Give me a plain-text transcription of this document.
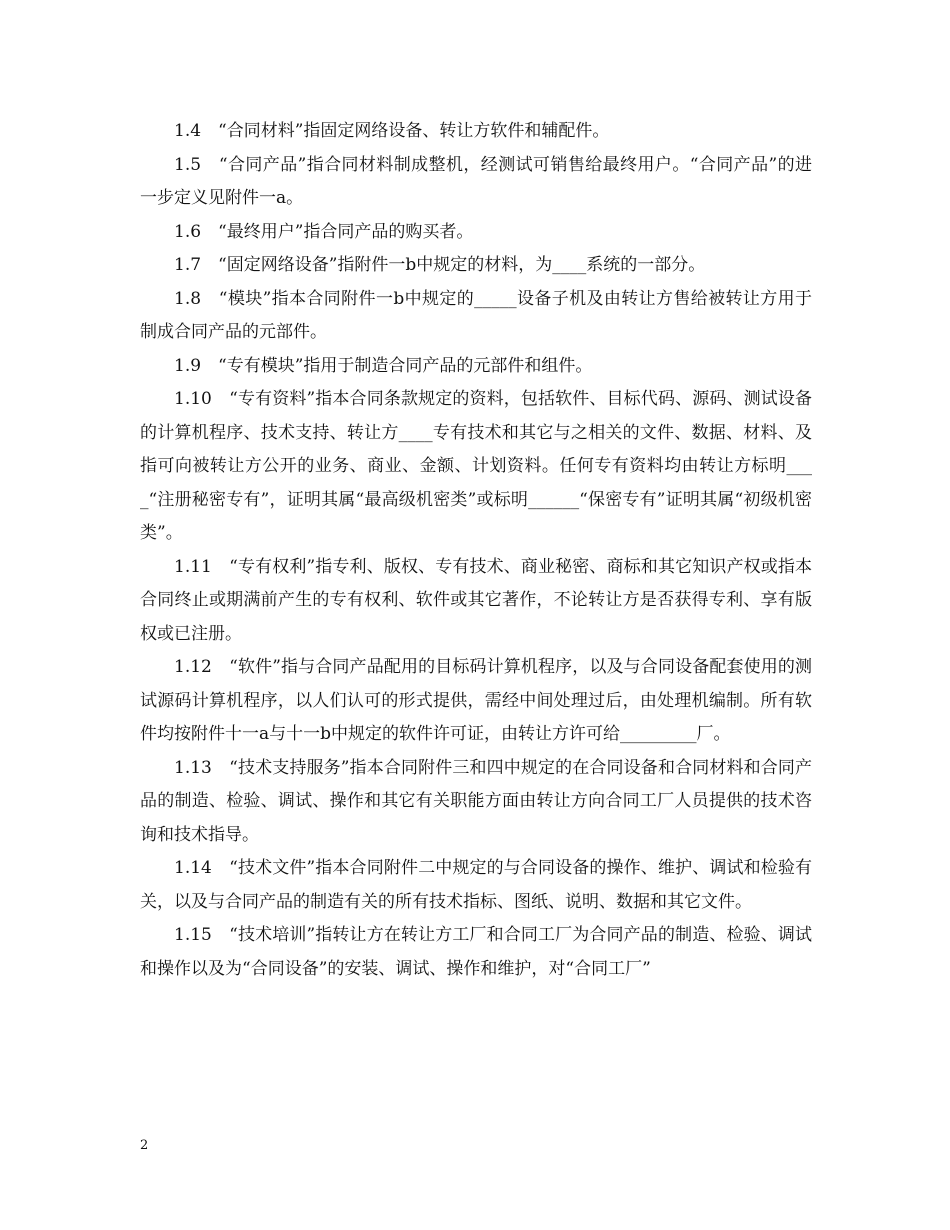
1.4　“合同材料”指固定网络设备、转让方软件和辅配件。

1.5　“合同产品”指合同材料制成整机，经测试可销售给最终用户。“合同产品”的进一步定义见附件一a。

1.6　“最终用户”指合同产品的购买者。

1.7　“固定网络设备”指附件一b中规定的材料，为____系统的一部分。

1.8　“模块”指本合同附件一b中规定的_____设备子机及由转让方售给被转让方用于制成合同产品的元部件。

1.9　“专有模块”指用于制造合同产品的元部件和组件。

1.10　“专有资料”指本合同条款规定的资料，包括软件、目标代码、源码、测试设备的计算机程序、技术支持、转让方____专有技术和其它与之相关的文件、数据、材料、及指可向被转让方公开的业务、商业、金额、计划资料。任何专有资料均由转让方标明____“注册秘密专有”，证明其属“最高级机密类”或标明______“保密专有”证明其属“初级机密类”。

1.11　“专有权利”指专利、版权、专有技术、商业秘密、商标和其它知识产权或指本合同终止或期满前产生的专有权利、软件或其它著作，不论转让方是否获得专利、享有版权或已注册。

1.12　“软件”指与合同产品配用的目标码计算机程序，以及与合同设备配套使用的测试源码计算机程序，以人们认可的形式提供，需经中间处理过后，由处理机编制。所有软件均按附件十一a与十一b中规定的软件许可证，由转让方许可给_________厂。

1.13　“技术支持服务”指本合同附件三和四中规定的在合同设备和合同材料和合同产品的制造、检验、调试、操作和其它有关职能方面由转让方向合同工厂人员提供的技术咨询和技术指导。

1.14　“技术文件”指本合同附件二中规定的与合同设备的操作、维护、调试和检验有关，以及与合同产品的制造有关的所有技术指标、图纸、说明、数据和其它文件。

1.15　“技术培训”指转让方在转让方工厂和合同工厂为合同产品的制造、检验、调试和操作以及为“合同设备”的安装、调试、操作和维护，对“合同工厂”

2
